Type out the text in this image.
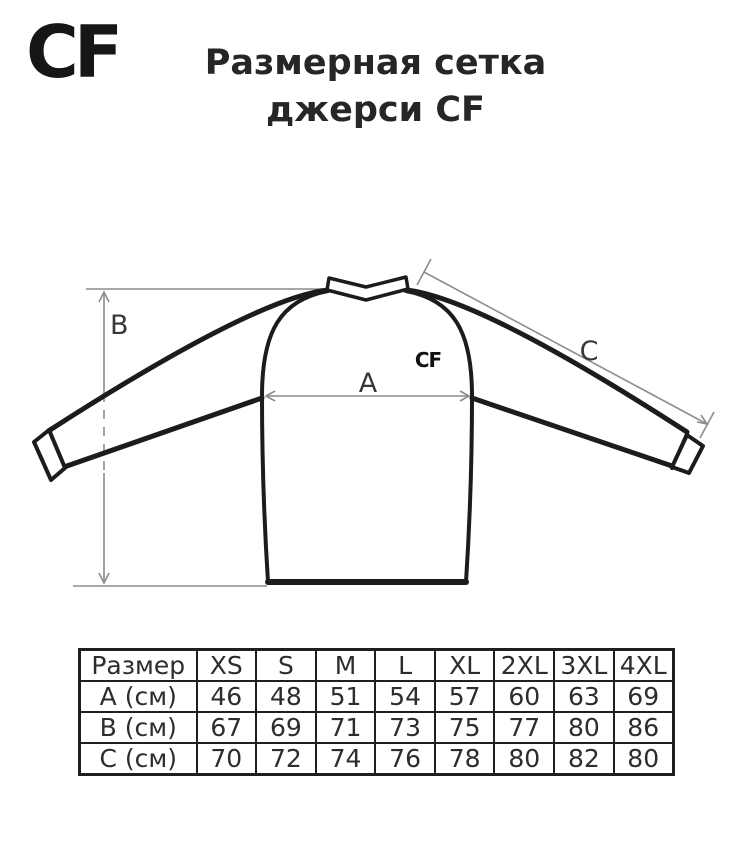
CF	Размерная сетка
джерси CF
B
A
C
CF
Размер	XS	S	M	L	XL	2XL	3XL	4XL
A (см)	46	48	51	54	57	60	63	69
B (см)	67	69	71	73	75	77	80	86
C (см)	70	72	74	76	78	80	82	80
